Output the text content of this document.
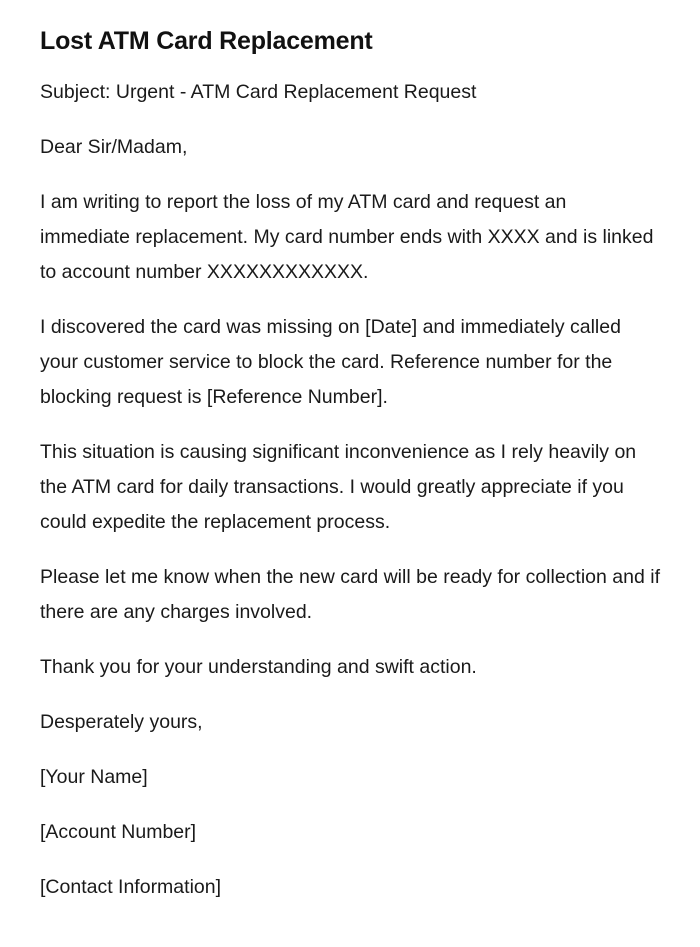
Lost ATM Card Replacement

Subject: Urgent - ATM Card Replacement Request

Dear Sir/Madam,

I am writing to report the loss of my ATM card and request an immediate replacement. My card number ends with XXXX and is linked to account number XXXXXXXXXXXX.

I discovered the card was missing on [Date] and immediately called your customer service to block the card. Reference number for the blocking request is [Reference Number].

This situation is causing significant inconvenience as I rely heavily on the ATM card for daily transactions. I would greatly appreciate if you could expedite the replacement process.

Please let me know when the new card will be ready for collection and if there are any charges involved.

Thank you for your understanding and swift action.

Desperately yours,

[Your Name]

[Account Number]

[Contact Information]
